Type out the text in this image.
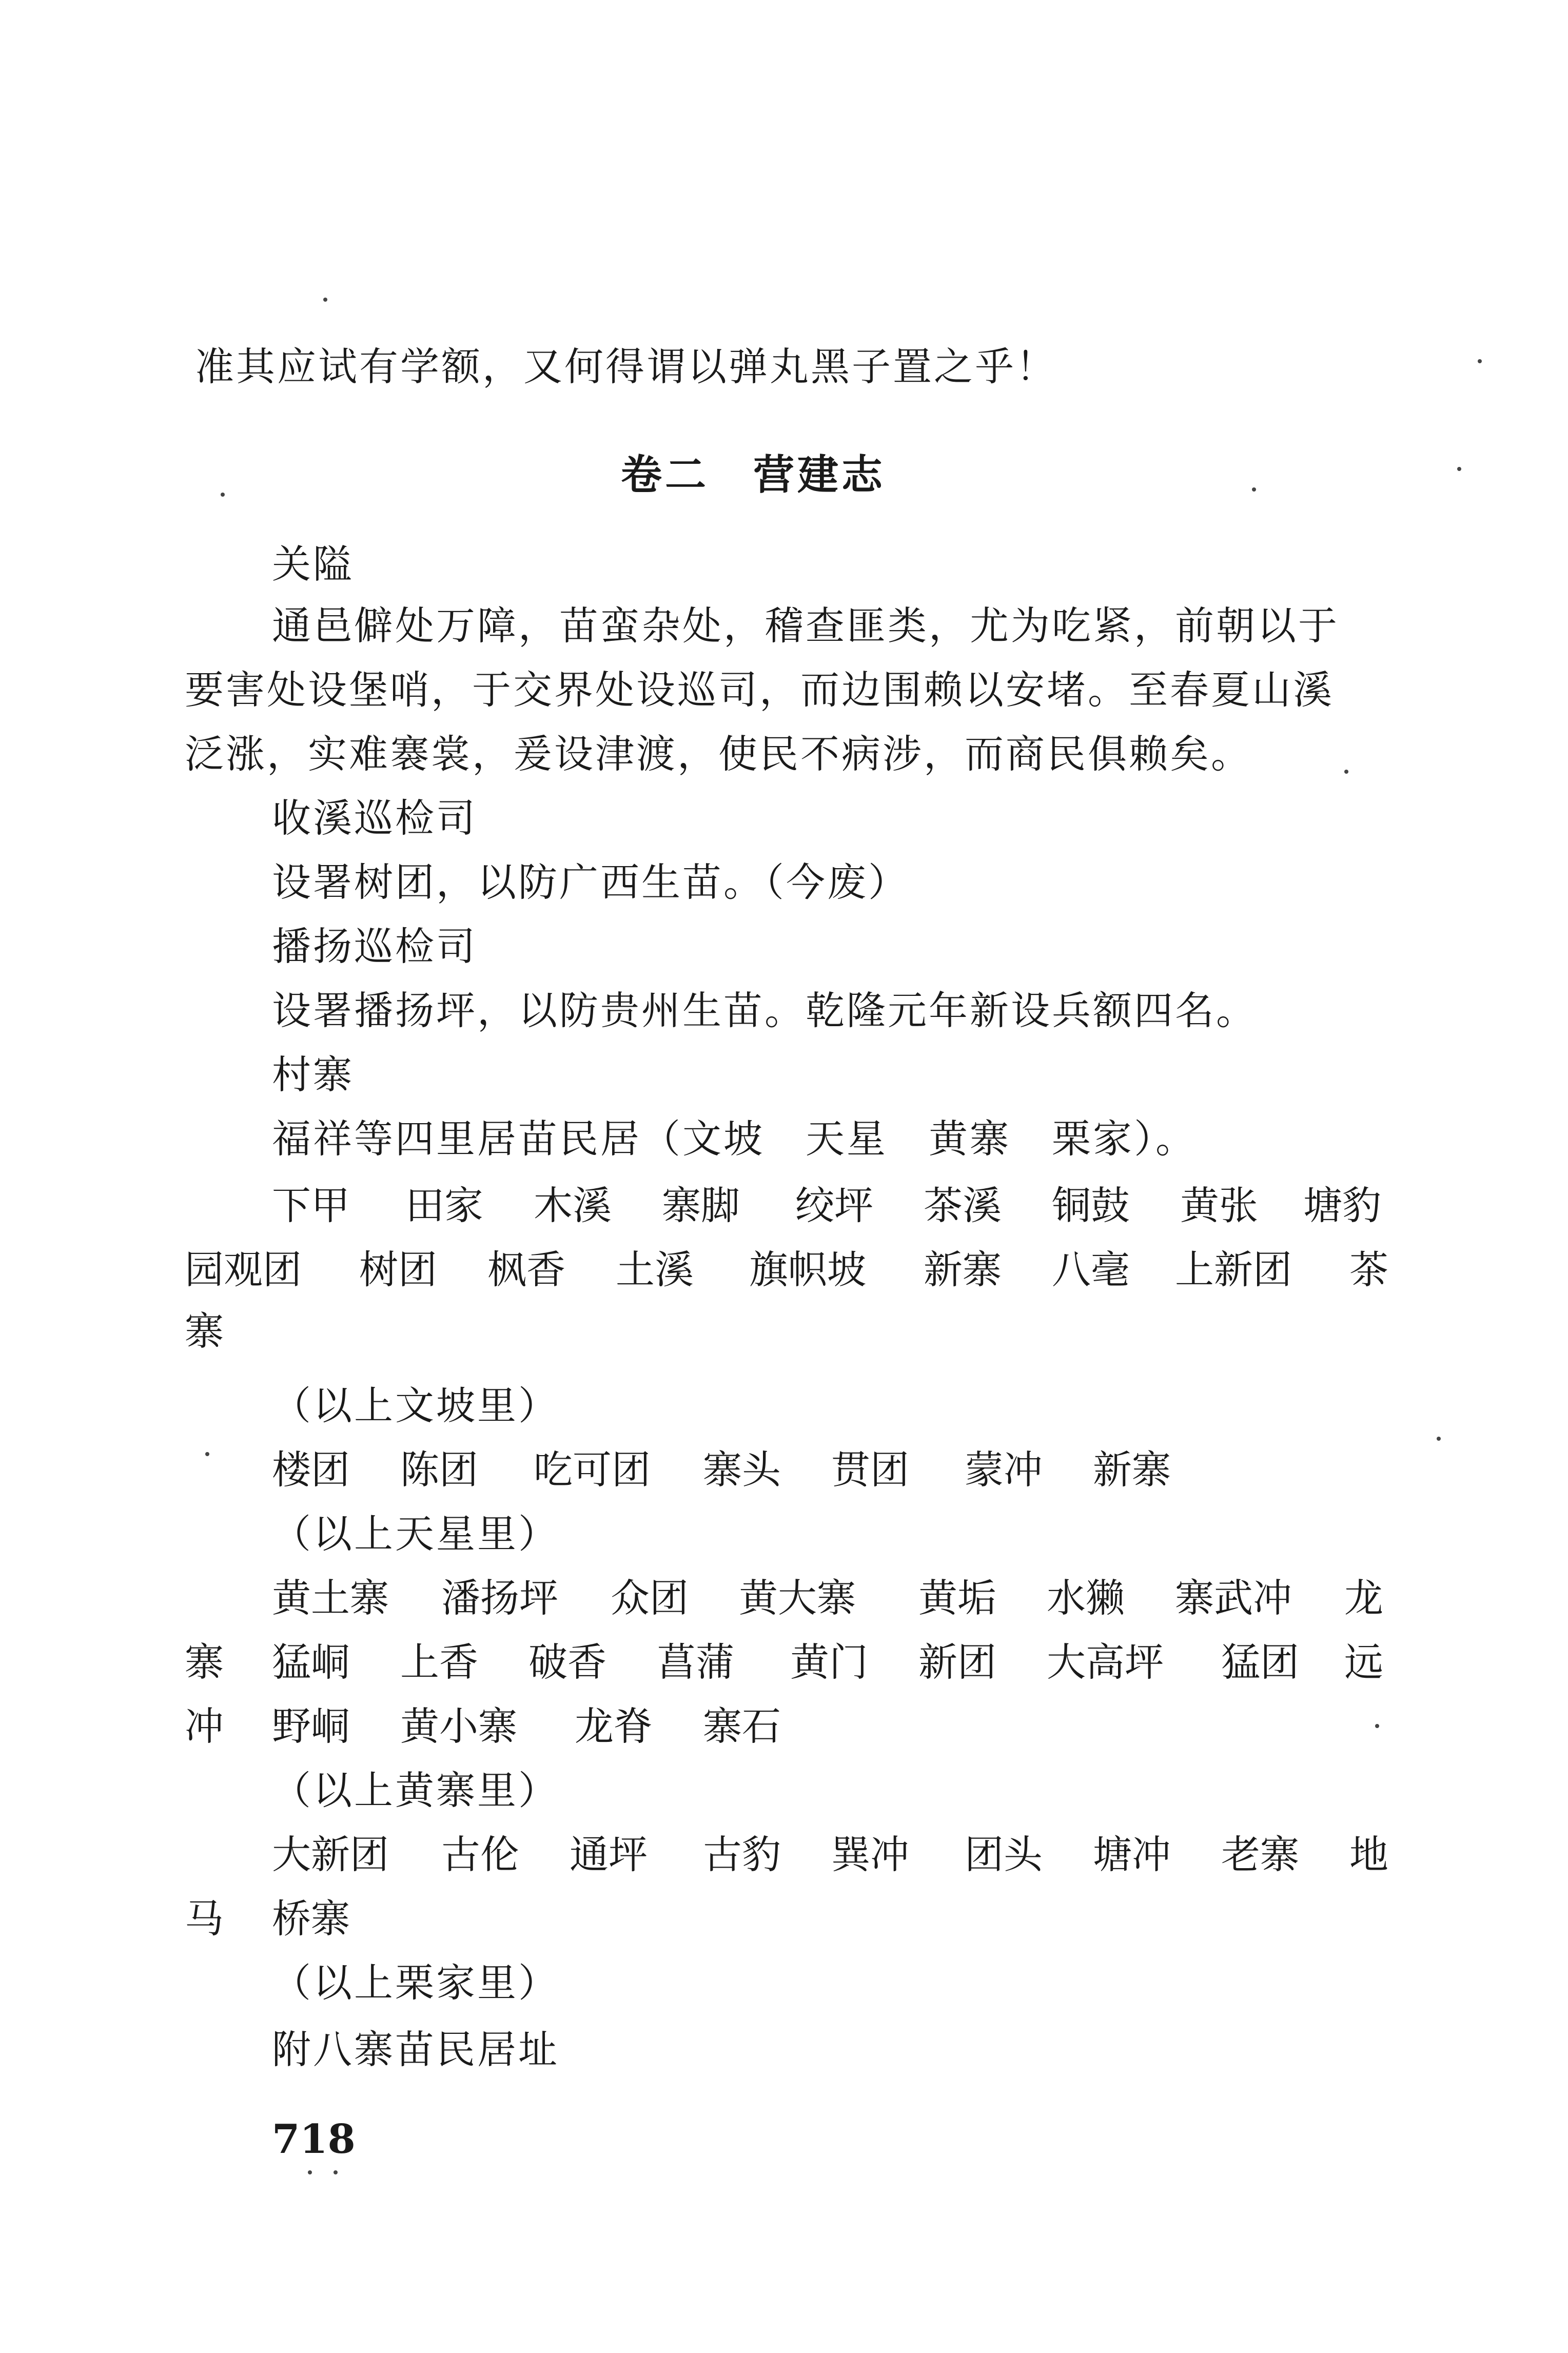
准其应试有学额，又何得谓以弹丸黑子置之乎！
卷二　营建志
关隘
通邑僻处万障，苗蛮杂处，稽查匪类，尤为吃紧，前朝以于
要害处设堡哨，于交界处设巡司，而边围赖以安堵。至春夏山溪
泛涨，实难褰裳，爰设津渡，使民不病涉，而商民俱赖矣。
收溪巡检司
设署树团，以防广西生苗。（今废）
播扬巡检司
设署播扬坪，以防贵州生苗。乾隆元年新设兵额四名。
村寨
福祥等四里居苗民居（文坡　天星　黄寨　栗家）。
下甲 田家 木溪 寨脚 绞坪 茶溪 铜鼓 黄张 塘豹
园观团 树团 枫香 土溪 旗帜坡 新寨 八毫 上新团 茶
寨
（以上文坡里）
楼团 陈团 吃可团 寨头 贯团 蒙冲 新寨
（以上天星里）
黄土寨 潘扬坪 众团 黄大寨 黄垢 水獭 寨武冲 龙
寨 猛峒 上香 破香 菖蒲 黄门 新团 大高坪 猛团 远
冲 野峒 黄小寨 龙脊 寨石
（以上黄寨里）
大新团 古伦 通坪 古豹 巽冲 团头 塘冲 老寨 地
马 桥寨
（以上栗家里）
附八寨苗民居址
718
